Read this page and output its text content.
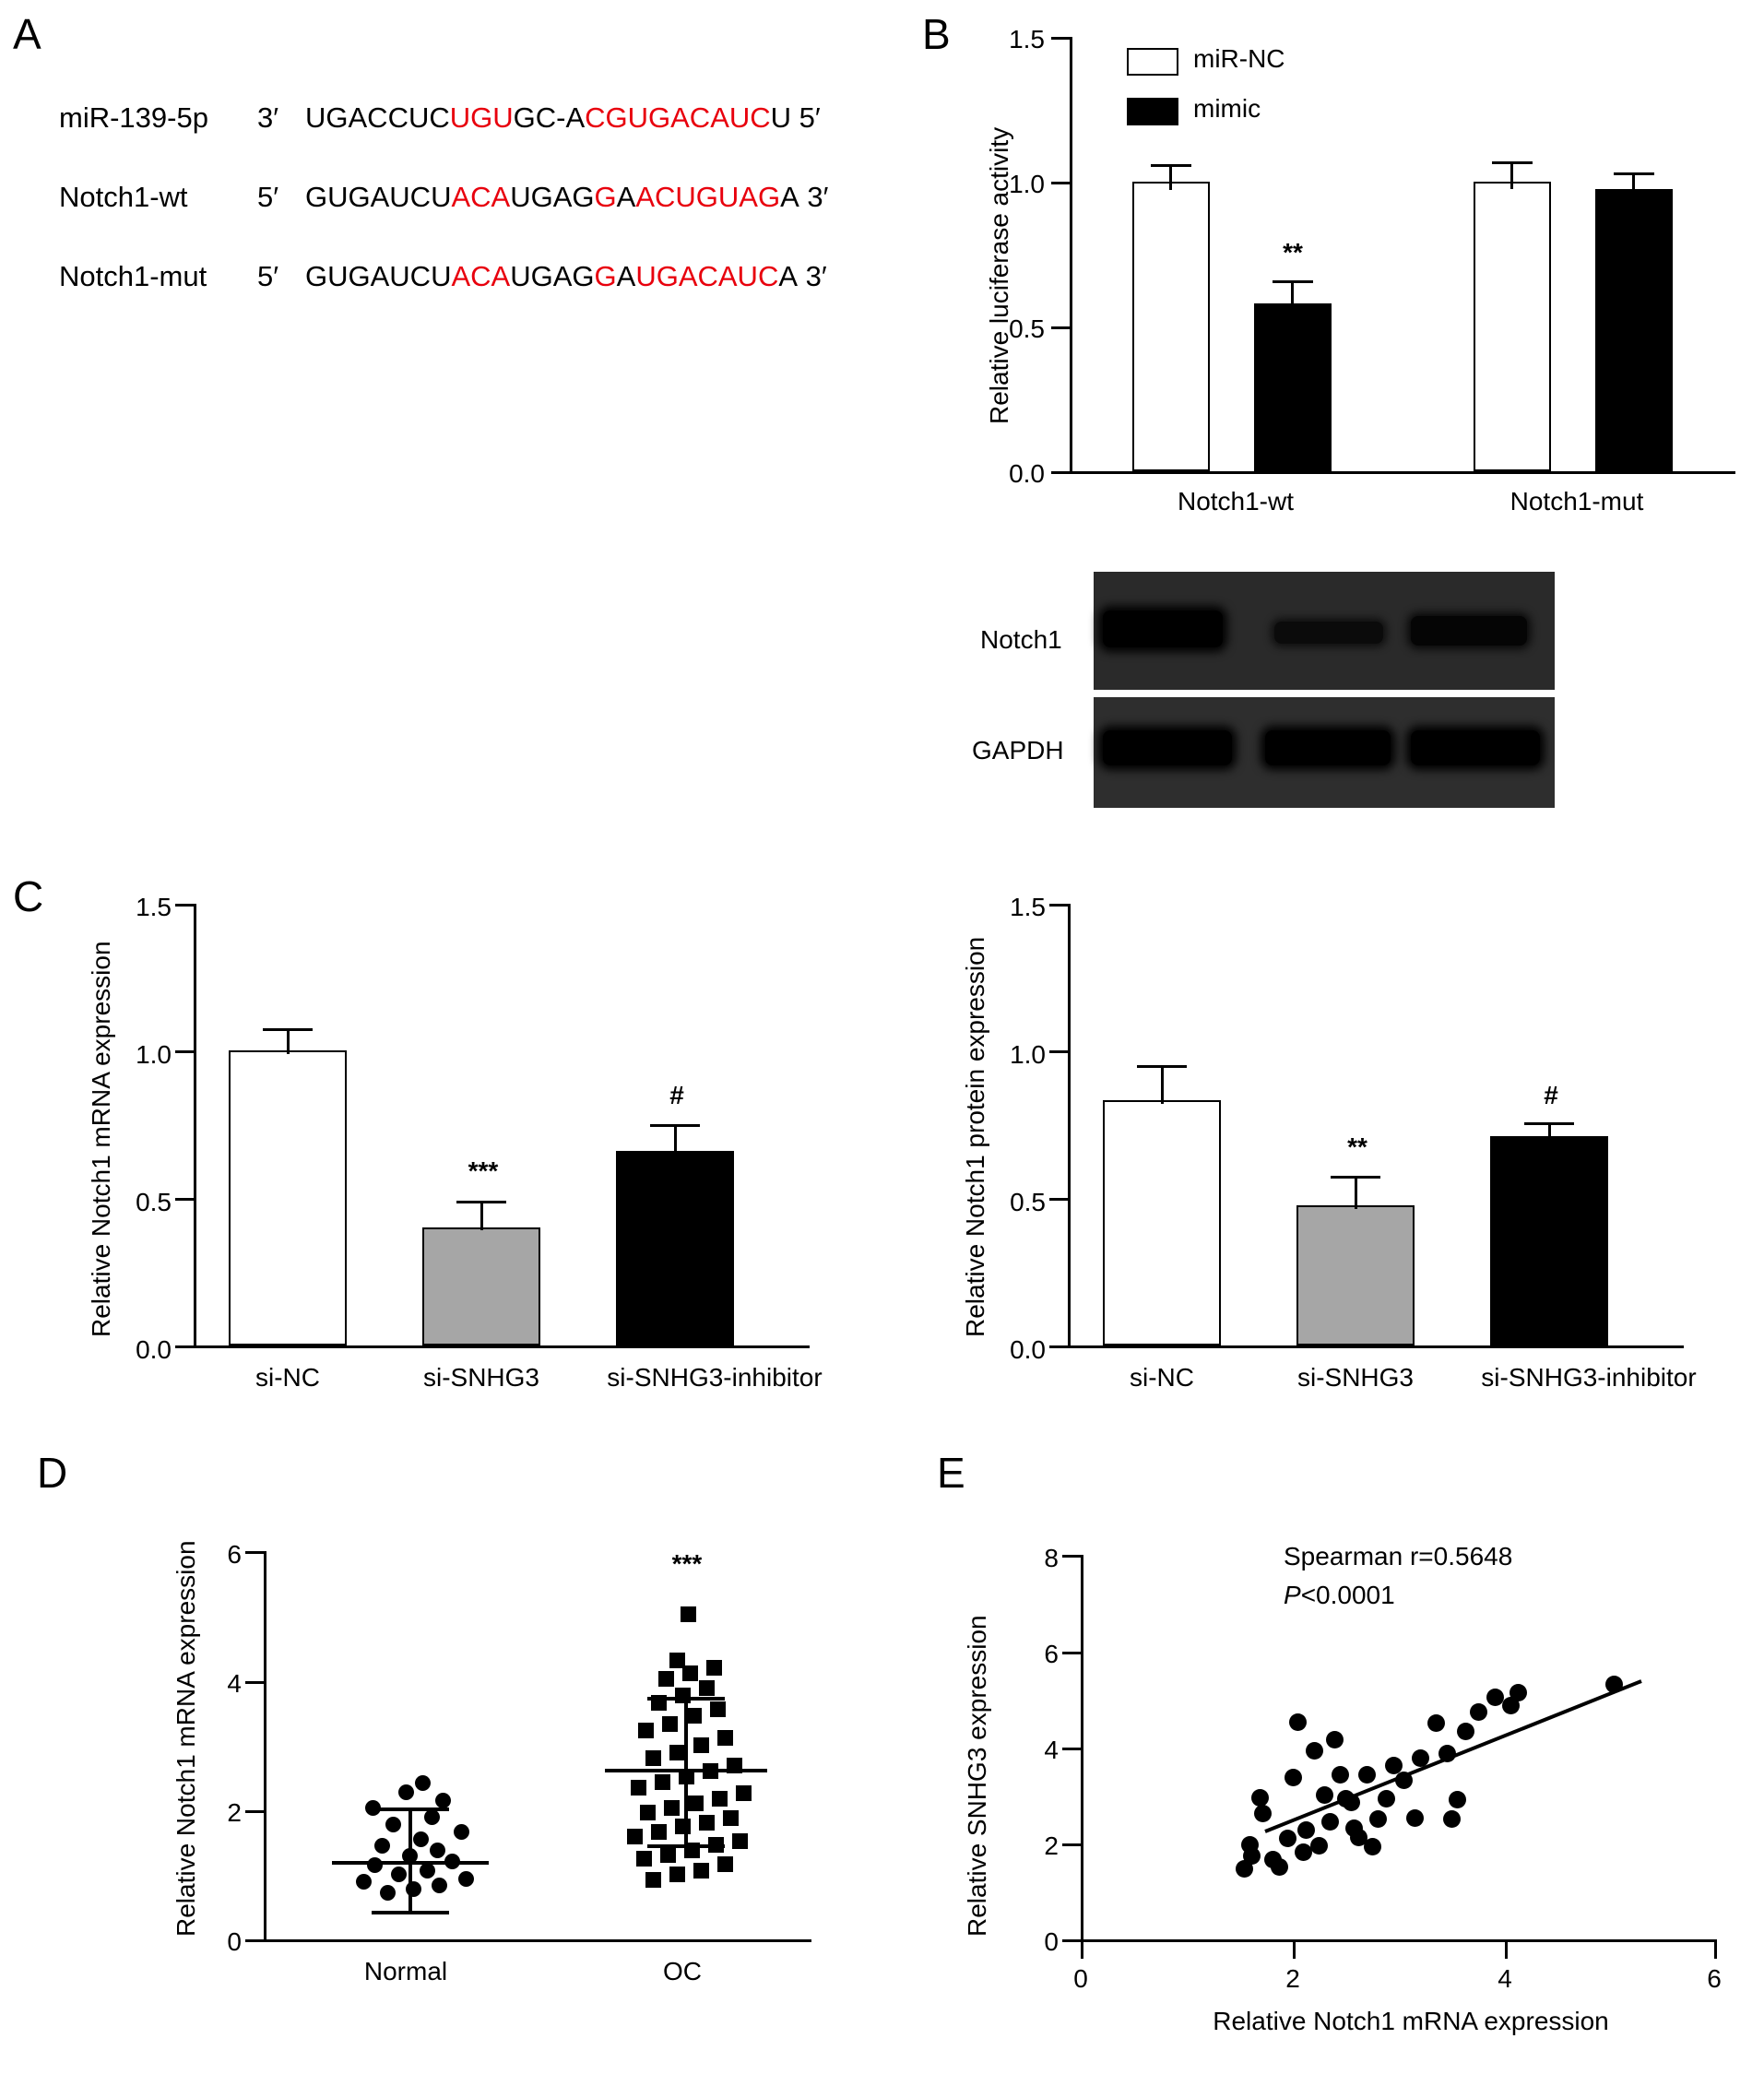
A
miR-139-5p 3′ UGACCUCUGUGC-ACGUGACAUCU 5′
Notch1-wt 5′ GUGAUCUACAUGAGGAACUGUAGA 3′
Notch1-mut 5′ GUGAUCUACAUGAGGAUGACAUCA 3′
B
Relative luciferase activity
0.0
0.5
1.0
1.5
miR-NC
mimic
**
Notch1-wt	Notch1-mut
Notch1
GAPDH
C
Relative Notch1 mRNA expression
0.0
0.5
1.0
1.5
***
#
si-NC	si-SNHG3	si-SNHG3-inhibitor
Relative Notch1 protein expression
0.0
0.5
1.0
1.5
**
#
si-NC	si-SNHG3	si-SNHG3-inhibitor
D
Relative Notch1 mRNA expression
0
2
4
6	***
Normal	OC
E
Relative SNHG3 expression
0
2
4
6
8
0	2	4	6
Relative Notch1 mRNA expression
Spearman r=0.5648
P<0.0001
